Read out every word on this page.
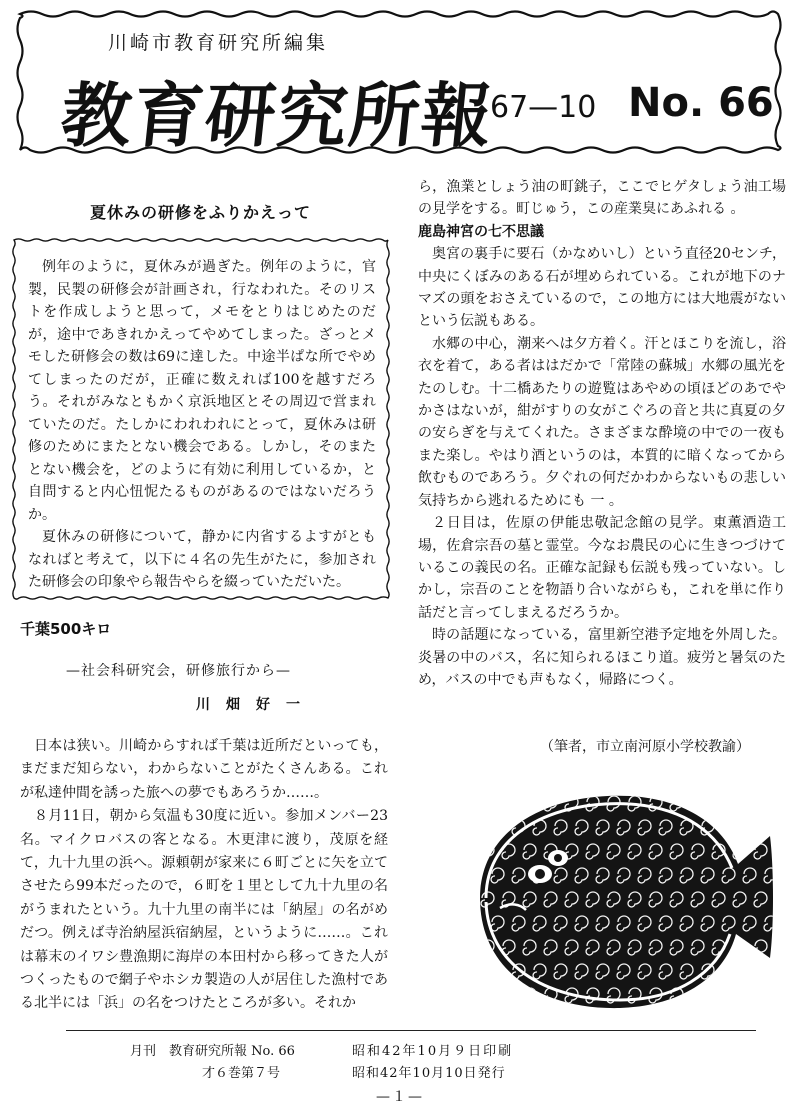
川崎市教育研究所編集
教育研究所報
67—10 No. 66
夏休みの研修をふりかえって

例年のように，夏休みが過ぎた。例年のように，官製，民製の研修会が計画され，行なわれた。そのリストを作成しようと思って，メモをとりはじめたのだが，途中であきれかえってやめてしまった。ざっとメモした研修会の数は69に達した。中途半ぱな所でやめてしまったのだが，正確に数えれば100を越すだろう。それがみなともかく京浜地区とその周辺で営まれていたのだ。たしかにわれわれにとって，夏休みは研修のためにまたとない機会である。しかし，そのまたとない機会を，どのように有効に利用しているか，と自問すると内心忸怩たるものがあるのではないだろうか。

夏休みの研修について，静かに内省するよすがともなればと考えて，以下に４名の先生がたに，参加された研修会の印象やら報告やらを綴っていただいた。

千葉500キロ
—社会科研究会，研修旅行から—
川畑好一

日本は狭い。川崎からすれば千葉は近所だといっても，まだまだ知らない，わからないことがたくさんある。これが私達仲間を誘った旅への夢でもあろうか……。

８月11日，朝から気温も30度に近い。参加メンバー23名。マイクロバスの客となる。木更津に渡り，茂原を経て，九十九里の浜へ。源頼朝が家来に６町ごとに矢を立てさせたら99本だったので，６町を１里として九十九里の名がうまれたという。九十九里の南半には「納屋」の名がめだつ。例えば寺治納屋浜宿納屋，というように……。これは幕末のイワシ豊漁期に海岸の本田村から移ってきた人がつくったもので網子やホシカ製造の人が居住した漁村である北半には「浜」の名をつけたところが多い。それか

ら，漁業としょう油の町銚子，ここでヒゲタしょう油工場の見学をする。町じゅう，この産業臭にあふれる 。

鹿島神宮の七不思議

奥宮の裏手に要石（かなめいし）という直径20センチ，中央にくぼみのある石が埋められている。これが地下のナマズの頭をおさえているので，この地方には大地震がないという伝説もある。

水郷の中心，潮来へは夕方着く。汗とほこりを流し，浴衣を着て，ある者ははだかで「常陸の蘇城」水郷の風光をたのしむ。十二橋あたりの遊覧はあやめの頃ほどのあでやかさはないが，紺がすりの女がこぐろの音と共に真夏の夕の安らぎを与えてくれた。さまざまな酔境の中での一夜もまた楽し。やはり酒というのは，本質的に暗くなってから飲むものであろう。夕ぐれの何だかわからないもの悲しい気持ちから逃れるためにも 一 。

２日目は，佐原の伊能忠敬記念館の見学。東薫酒造工場，佐倉宗吾の墓と霊堂。今なお農民の心に生きつづけているこの義民の名。正確な記録も伝説も残っていない。しかし，宗吾のことを物語り合いながらも，これを単に作り話だと言ってしまえるだろうか。

時の話題になっている，富里新空港予定地を外周した。炎暑の中のバス，名に知られるほこり道。疲労と暑気のため，バスの中でも声もなく，帰路につく。

（筆者，市立南河原小学校教諭）
月刊　教育研究所報 No. 66	昭和42年10月９日印刷
才６巻第７号	昭和42年10月10日発行
—１—
